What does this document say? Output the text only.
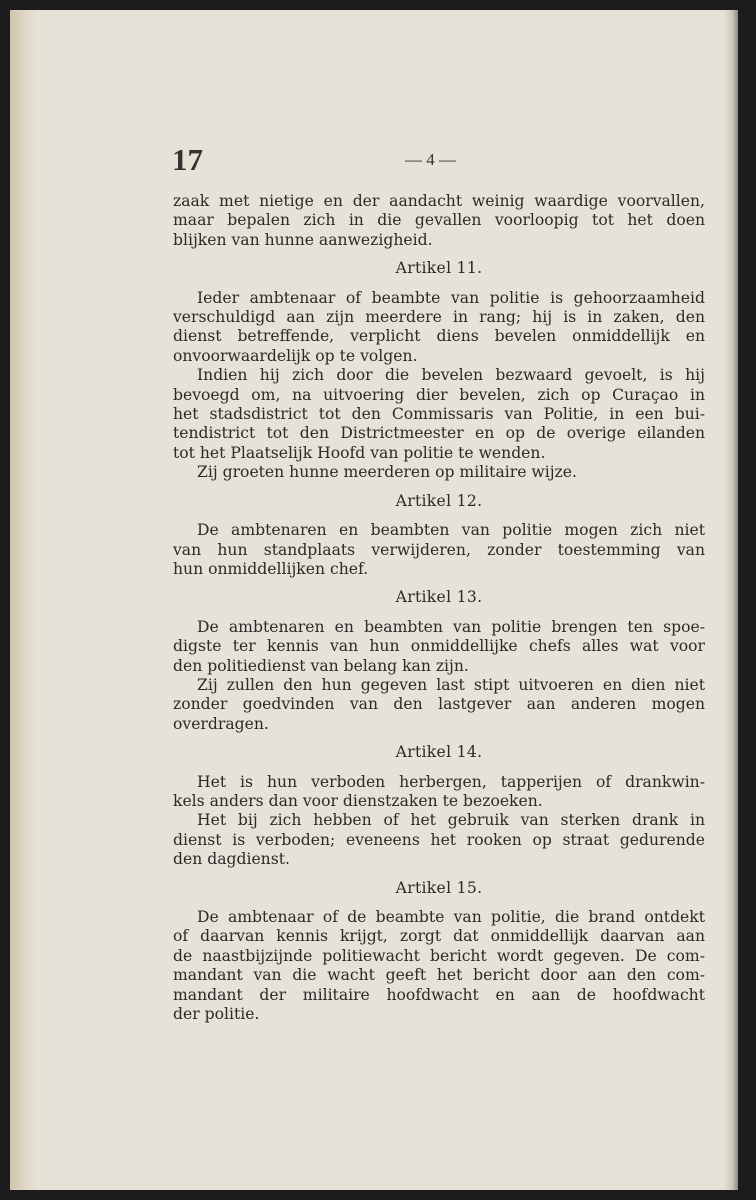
17	— 4 —
zaak met nietige en der aandacht weinig waardige voorvallen,
maar bepalen zich in die gevallen voorloopig tot het doen
blijken van hunne aanwezigheid.
Artikel 11.
Ieder ambtenaar of beambte van politie is gehoorzaamheid
verschuldigd aan zijn meerdere in rang; hij is in zaken, den
dienst betreffende, verplicht diens bevelen onmiddellijk en
onvoorwaardelijk op te volgen.
Indien hij zich door die bevelen bezwaard gevoelt, is hij
bevoegd om, na uitvoering dier bevelen, zich op Curaçao in
het stadsdistrict tot den Commissaris van Politie, in een bui-
tendistrict tot den Districtmeester en op de overige eilanden
tot het Plaatselijk Hoofd van politie te wenden.
Zij groeten hunne meerderen op militaire wijze.
Artikel 12.
De ambtenaren en beambten van politie mogen zich niet
van hun standplaats verwijderen, zonder toestemming van
hun onmiddellijken chef.
Artikel 13.
De ambtenaren en beambten van politie brengen ten spoe-
digste ter kennis van hun onmiddellijke chefs alles wat voor
den politiedienst van belang kan zijn.
Zij zullen den hun gegeven last stipt uitvoeren en dien niet
zonder goedvinden van den lastgever aan anderen mogen
overdragen.
Artikel 14.
Het is hun verboden herbergen, tapperijen of drankwin-
kels anders dan voor dienstzaken te bezoeken.
Het bij zich hebben of het gebruik van sterken drank in
dienst is verboden; eveneens het rooken op straat gedurende
den dagdienst.
Artikel 15.
De ambtenaar of de beambte van politie, die brand ontdekt
of daarvan kennis krijgt, zorgt dat onmiddellijk daarvan aan
de naastbijzijnde politiewacht bericht wordt gegeven. De com-
mandant van die wacht geeft het bericht door aan den com-
mandant der militaire hoofdwacht en aan de hoofdwacht
der politie.
